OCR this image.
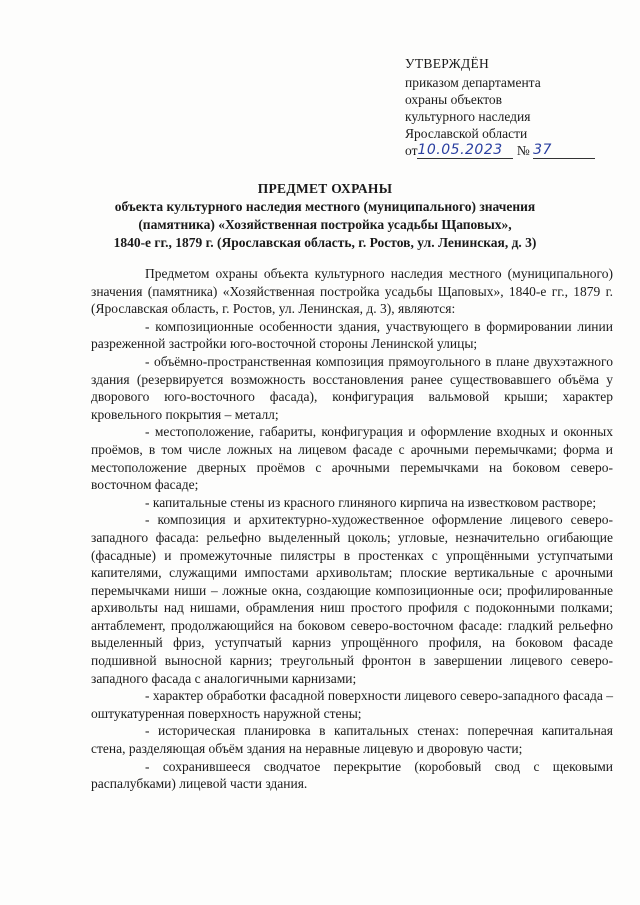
УТВЕРЖДЁН
приказом департамента
охраны объектов
культурного наследия
Ярославской области
от10.05.2023 № 37
ПРЕДМЕТ ОХРАНЫ
объекта культурного наследия местного (муниципального) значения
(памятника) «Хозяйственная постройка усадьбы Щаповых»,
1840-е гг., 1879 г. (Ярославская область, г. Ростов, ул. Ленинская, д. 3)

Предметом охраны объекта культурного наследия местного (муниципального) значения (памятника) «Хозяйственная постройка усадьбы Щаповых», 1840-е гг., 1879 г. (Ярославская область, г. Ростов, ул. Ленинская, д. 3), являются:

- композиционные особенности здания, участвующего в формировании линии разреженной застройки юго-восточной стороны Ленинской улицы;
- объёмно-пространственная композиция прямоугольного в плане двухэтажного здания (резервируется возможность восстановления ранее существовавшего объёма у дворового юго-восточного фасада), конфигурация вальмовой крыши; характер кровельного покрытия – металл;
- местоположение, габариты, конфигурация и оформление входных и оконных проёмов, в том числе ложных на лицевом фасаде с арочными перемычками; форма и местоположение дверных проёмов с арочными перемычками на боковом северо-восточном фасаде;
- капитальные стены из красного глиняного кирпича на известковом растворе;
- композиция и архитектурно-художественное оформление лицевого северо-западного фасада: рельефно выделенный цоколь; угловые, незначительно огибающие (фасадные) и промежуточные пилястры в простенках с упрощёнными уступчатыми капителями, служащими импостами архивольтам; плоские вертикальные с арочными перемычками ниши – ложные окна, создающие композиционные оси; профилированные архивольты над нишами, обрамления ниш простого профиля с подоконными полками; антаблемент, продолжающийся на боковом северо-восточном фасаде: гладкий рельефно выделенный фриз, уступчатый карниз упрощённого профиля, на боковом фасаде подшивной выносной карниз; треугольный фронтон в завершении лицевого северо-западного фасада с аналогичными карнизами;
- характер обработки фасадной поверхности лицевого северо-западного фасада – оштукатуренная поверхность наружной стены;
- историческая планировка в капитальных стенах: поперечная капитальная стена, разделяющая объём здания на неравные лицевую и дворовую части;
- сохранившееся сводчатое перекрытие (коробовый свод с щековыми распалубками) лицевой части здания.
